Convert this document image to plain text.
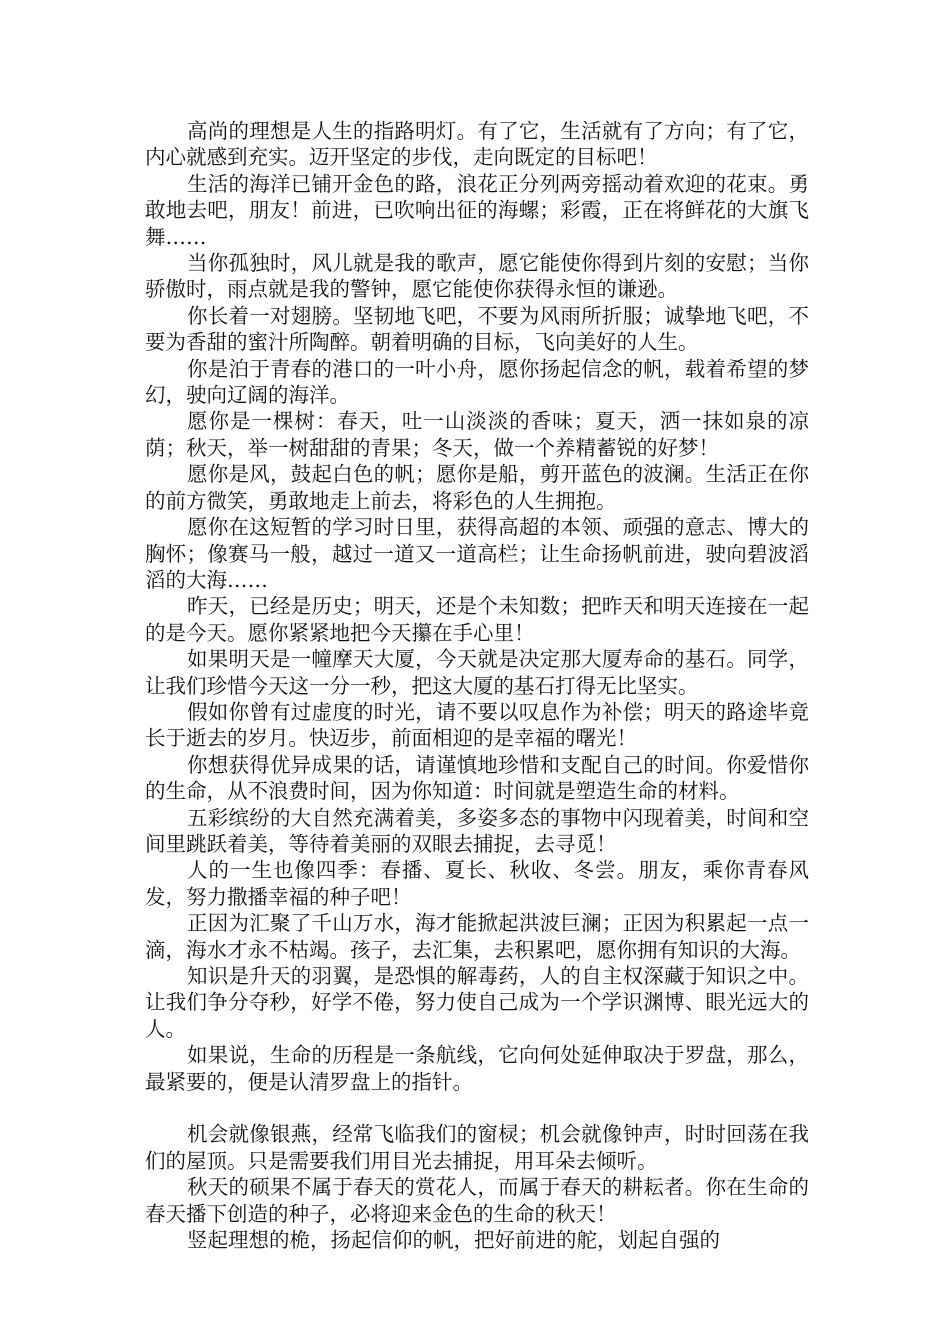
高尚的理想是人生的指路明灯。有了它，生活就有了方向；有了它，内心就感到充实。迈开坚定的步伐，走向既定的目标吧！

生活的海洋已铺开金色的路，浪花正分列两旁摇动着欢迎的花束。勇敢地去吧，朋友！前进，已吹响出征的海螺；彩霞，正在将鲜花的大旗飞舞……

当你孤独时，风儿就是我的歌声，愿它能使你得到片刻的安慰；当你骄傲时，雨点就是我的警钟，愿它能使你获得永恒的谦逊。

你长着一对翅膀。坚韧地飞吧，不要为风雨所折服；诚挚地飞吧，不要为香甜的蜜汁所陶醉。朝着明确的目标，飞向美好的人生。

你是泊于青春的港口的一叶小舟，愿你扬起信念的帆，载着希望的梦幻，驶向辽阔的海洋。

愿你是一棵树：春天，吐一山淡淡的香味；夏天，洒一抹如泉的凉荫；秋天，举一树甜甜的青果；冬天，做一个养精蓄锐的好梦！

愿你是风，鼓起白色的帆；愿你是船，剪开蓝色的波澜。生活正在你的前方微笑，勇敢地走上前去，将彩色的人生拥抱。

愿你在这短暂的学习时日里，获得高超的本领、顽强的意志、博大的胸怀；像赛马一般，越过一道又一道高栏；让生命扬帆前进，驶向碧波滔滔的大海……

昨天，已经是历史；明天，还是个未知数；把昨天和明天连接在一起的是今天。愿你紧紧地把今天攥在手心里！

如果明天是一幢摩天大厦，今天就是决定那大厦寿命的基石。同学，让我们珍惜今天这一分一秒，把这大厦的基石打得无比坚实。

假如你曾有过虚度的时光，请不要以叹息作为补偿；明天的路途毕竟长于逝去的岁月。快迈步，前面相迎的是幸福的曙光！

你想获得优异成果的话，请谨慎地珍惜和支配自己的时间。你爱惜你的生命，从不浪费时间，因为你知道：时间就是塑造生命的材料。

五彩缤纷的大自然充满着美，多姿多态的事物中闪现着美，时间和空间里跳跃着美，等待着美丽的双眼去捕捉，去寻觅！

人的一生也像四季：春播、夏长、秋收、冬尝。朋友，乘你青春风发，努力撒播幸福的种子吧！

正因为汇聚了千山万水，海才能掀起洪波巨澜；正因为积累起一点一滴，海水才永不枯竭。孩子，去汇集，去积累吧，愿你拥有知识的大海。

知识是升天的羽翼，是恐惧的解毒药，人的自主权深藏于知识之中。让我们争分夺秒，好学不倦，努力使自己成为一个学识渊博、眼光远大的人。

如果说，生命的历程是一条航线，它向何处延伸取决于罗盘，那么，最紧要的，便是认清罗盘上的指针。

机会就像银燕，经常飞临我们的窗棂；机会就像钟声，时时回荡在我们的屋顶。只是需要我们用目光去捕捉，用耳朵去倾听。

秋天的硕果不属于春天的赏花人，而属于春天的耕耘者。你在生命的春天播下创造的种子，必将迎来金色的生命的秋天！

竖起理想的桅，扬起信仰的帆，把好前进的舵，划起自强的
